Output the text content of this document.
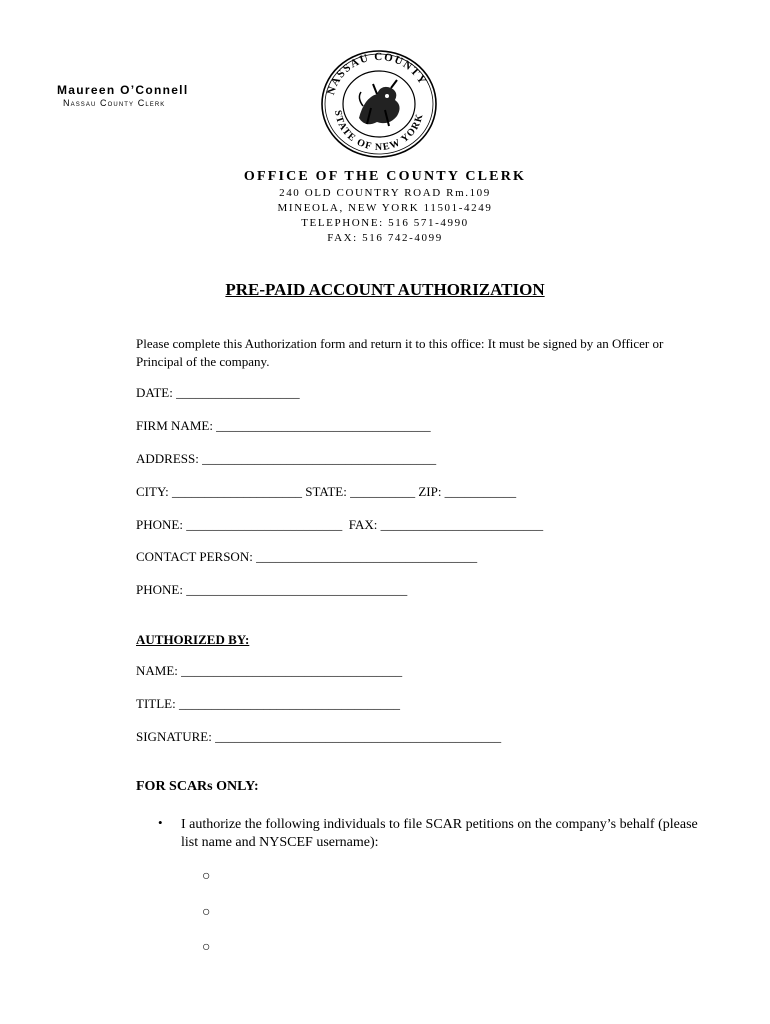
Maureen O’Connell
Nassau County Clerk
NASSAU COUNTY
STATE OF NEW YORK
OFFICE OF THE COUNTY CLERK
240 OLD COUNTRY ROAD Rm.109
MINEOLA, NEW YORK 11501-4249
TELEPHONE: 516 571-4990
FAX: 516 742-4099
PRE-PAID ACCOUNT AUTHORIZATION
Please complete this Authorization form and return it to this office: It must be signed by an Officer or Principal of the company.
DATE: ___________________
FIRM NAME: _________________________________
ADDRESS: ____________________________________
CITY: ____________________ STATE: __________ ZIP: ___________
PHONE: ________________________  FAX: _________________________
CONTACT PERSON: __________________________________
PHONE: __________________________________
AUTHORIZED BY:
NAME: __________________________________
TITLE: __________________________________
SIGNATURE: ____________________________________________
FOR SCARs ONLY:
• I authorize the following individuals to file SCAR petitions on the company’s behalf (please list name and NYSCEF username):
○
○
○
